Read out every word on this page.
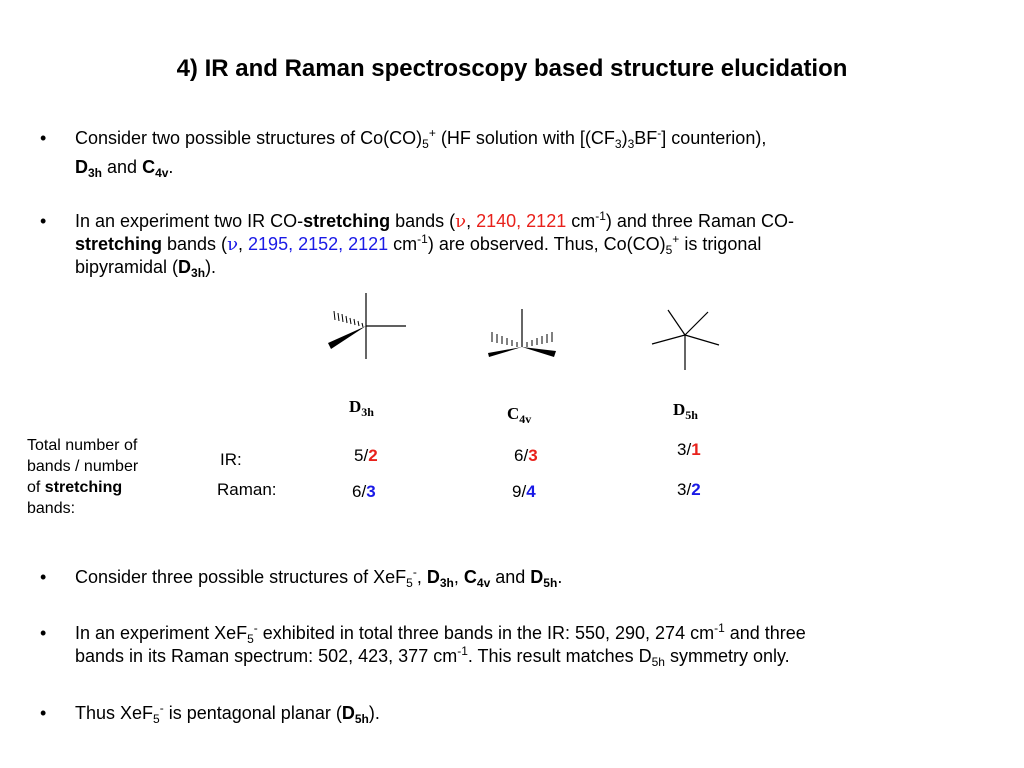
4) IR and Raman spectroscopy based structure elucidation
• Consider two possible structures of $Co(CO)_5^+$ (HF solution with $[(CF_3)_3BF^-]$ counterion),
$D_{3h}$ and $C_{4v}$.
• In an experiment two IR CO-stretching bands (ν, 2140, 2121 $cm^{-1}$) and three Raman CO-
stretching bands (ν, 2195, 2152, 2121 $cm^{-1}$) are observed. Thus, $Co(CO)_5^+$ is trigonal
bipyramidal $(D_{3h})$.
$D_{3h}$	$C_{4v}$	$D_{5h}$
Total number of
bands / number
of stretching
bands:
IR:
Raman:
5/2
6/3
6/3
9/4
3/1
3/2
• Consider three possible structures of XeF$_5$-, $D_{3h}$, $C_{4v}$ and $D_{5h}$.
• In an experiment XeF$_5$- exhibited in total three bands in the IR: 550, 290, 274 $cm^{-1}$ and three
bands in its Raman spectrum: 502, 423, 377 $cm^{-1}$. This result matches $D_{5h}$ symmetry only.
• Thus XeF$_5$- is pentagonal planar $(D_{5h})$.
